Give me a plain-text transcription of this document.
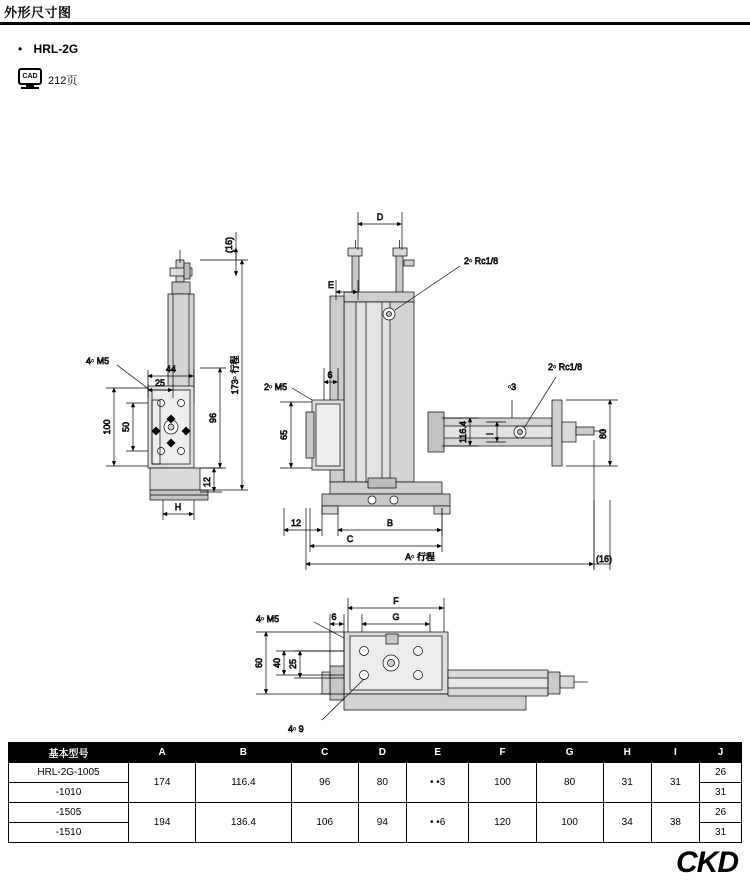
外形尺寸图
• HRL-2G
CAD 212页
(16)
4• M5
44
25
100 50
173• 行程
96
12
H
D
E
2• Rc1/8
2• Rc1/8
2• M5
6
65
•3
116.4 I	80
12	B
C
A• 行程	(16)
F
G
4• M5	6
60 40 25
4• 9
基本型号	A	B	C	D	E	F	G	H	I	J
HRL-2G-1005	174	116.4	96	80	• •3	100	80	31	31	26
-1010										31
-1505	194	136.4	106	94	• •6	120	100	34	38	26
-1510										31
CKD
